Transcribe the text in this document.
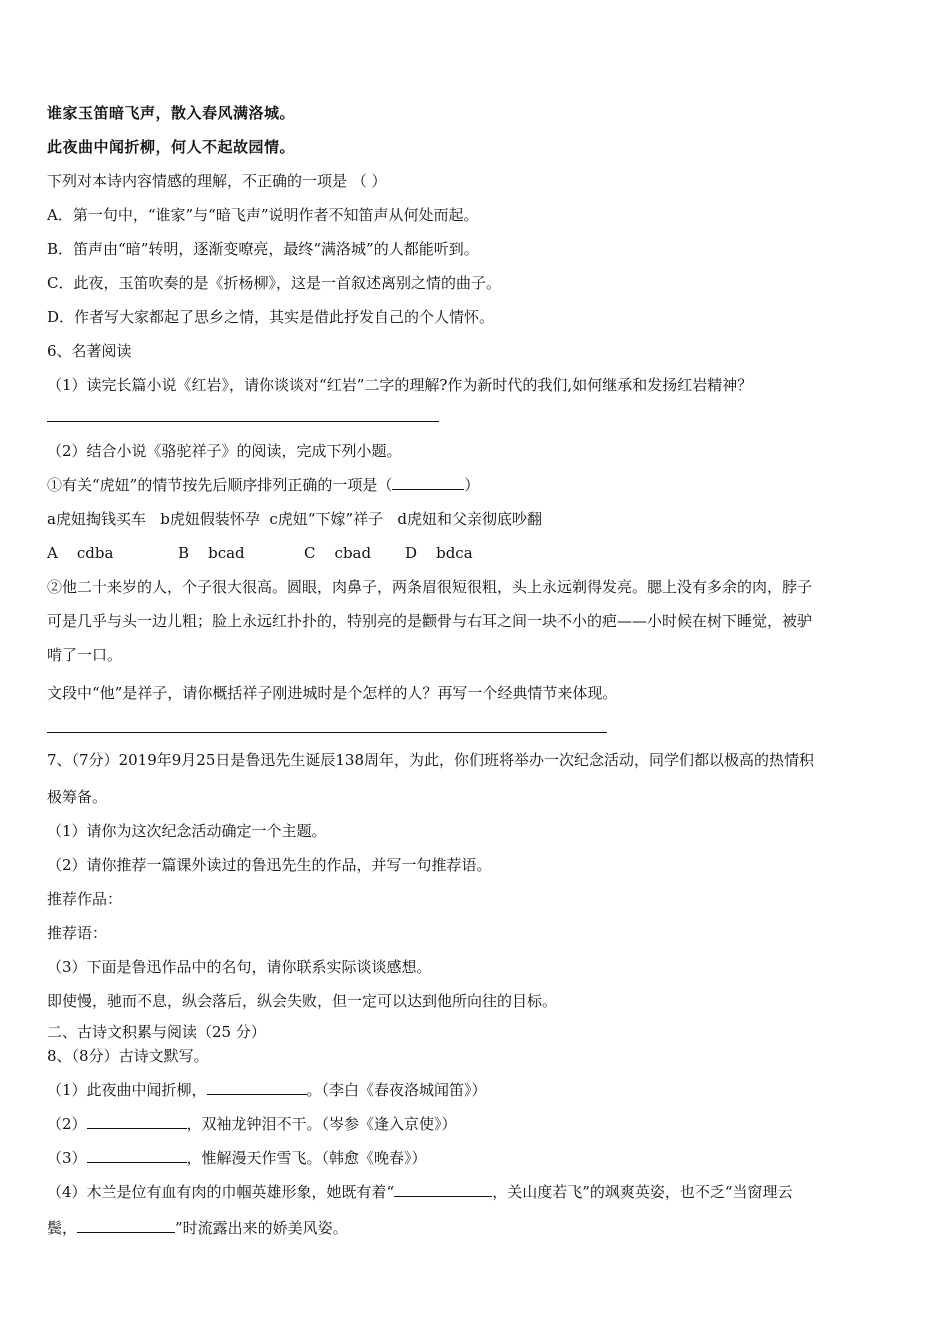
谁家玉笛暗飞声，散入春风满洛城。
此夜曲中闻折柳，何人不起故园情。
下列对本诗内容情感的理解，不正确的一项是 （ ）
A．第一句中，“谁家”与“暗飞声”说明作者不知笛声从何处而起。
B．笛声由“暗”转明，逐渐变嘹亮，最终“满洛城”的人都能听到。
C．此夜，玉笛吹奏的是《折杨柳》，这是一首叙述离别之情的曲子。
D．作者写大家都起了思乡之情，其实是借此抒发自己的个人情怀。
6、名著阅读
（1）读完长篇小说《红岩》，请你谈谈对“红岩”二字的理解?作为新时代的我们,如何继承和发扬红岩精神？
（2）结合小说《骆驼祥子》的阅读，完成下列小题。
①有关“虎妞”的情节按先后顺序排列正确的一项是（	）
a虎妞掏钱买车   b虎妞假装怀孕  c虎妞“下嫁”祥子   d虎妞和父亲彻底吵翻
A    cdba	B    bcad	C    cbad D    bdca
②他二十来岁的人，个子很大很高。圆眼，肉鼻子，两条眉很短很粗，头上永远剃得发亮。腮上没有多余的肉，脖子
可是几乎与头一边儿粗；脸上永远红扑扑的，特别亮的是颧骨与右耳之间一块不小的疤——小时候在树下睡觉，被驴
啃了一口。
文段中“他”是祥子，请你概括祥子刚进城时是个怎样的人？再写一个经典情节来体现。
7、（7分）2019年9月25日是鲁迅先生诞辰138周年，为此，你们班将举办一次纪念活动，同学们都以极高的热情积
极筹备。
（1）请你为这次纪念活动确定一个主题。
（2）请你推荐一篇课外读过的鲁迅先生的作品，并写一句推荐语。
推荐作品：
推荐语：
（3）下面是鲁迅作品中的名句，请你联系实际谈谈感想。
即使慢，驰而不息，纵会落后，纵会失败，但一定可以达到他所向往的目标。
二、古诗文积累与阅读（25 分）
8、（8分）古诗文默写。
（1）此夜曲中闻折柳，	。（李白《春夜洛城闻笛》）
（2）	，双袖龙钟泪不干。（岑参《逢入京使》）
（3）	，惟解漫天作雪飞。（韩愈《晚春》）
（4）木兰是位有血有肉的巾帼英雄形象，她既有着“	，关山度若飞”的飒爽英姿，也不乏“当窗理云
鬓，	”时流露出来的娇美风姿。
